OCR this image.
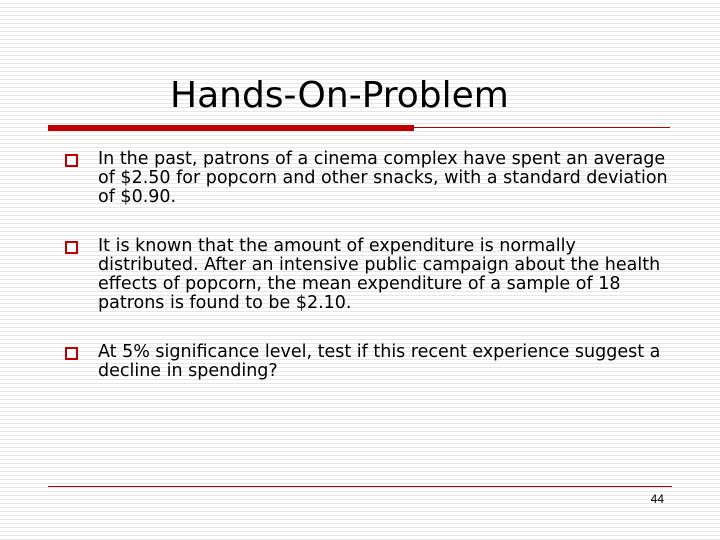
Hands-On-Problem
In the past, patrons of a cinema complex have spent an average of $2.50 for popcorn and other snacks, with a standard deviation of $0.90.
It is known that the amount of expenditure is normally distributed. After an intensive public campaign about the health effects of popcorn, the mean expenditure of a sample of 18 patrons is found to be $2.10.
At 5% significance level, test if this recent experience suggest a decline in spending?
44
